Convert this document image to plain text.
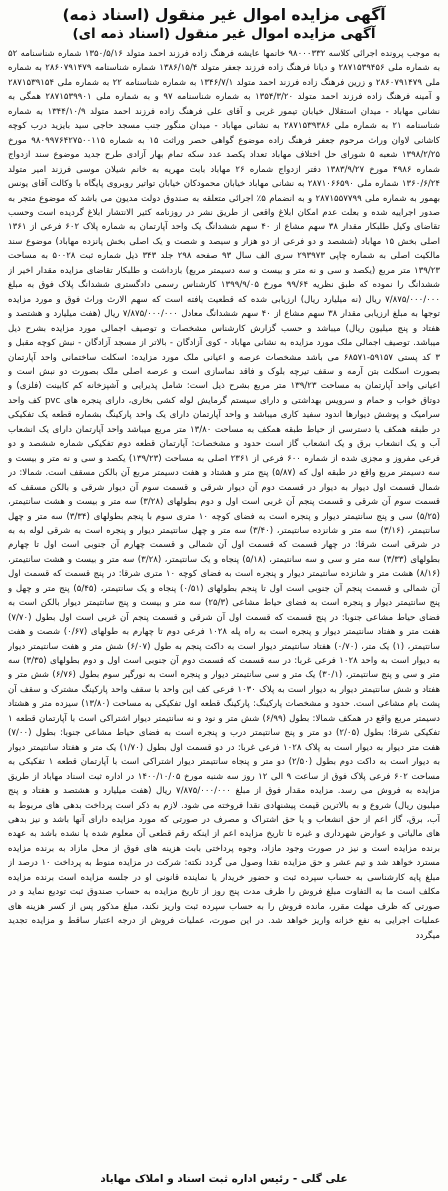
آگهی مزایده اموال غیر منقول (اسناد ذمه)
آگهی مزایده اموال غیر منقول (اسناد ذمه ای)

به موجب پرونده اجرائی کلاسه ۹۸۰۰۰۳۳۲ خانمها عایشه فرهنگ زاده فرزند احمد متولد ۱۳۵۰/۵/۱۶ شماره شناسنامه ۵۲ به شماره ملی ۲۸۷۱۵۳۹۴۵۶ و دیانا فرهنگ زاده فرزند جعفر متولد ۱۳۸۶/۱۵/۴ شماره شناسنامه ۲۸۶۰۷۹۱۴۷۹ به شماره ملی ۲۸۶۰۷۹۱۴۷۹ و زرین فرهنگ زاده فرزند احمد متولد ۱۳۴۶/۷/۱ به شماره شناسنامه ۲۲ به شماره ملی ۲۸۷۱۵۳۹۱۵۴ و آمینه فرهنگ زاده فرزند احمد متولد ۱۳۵۴/۳/۲۰ به شماره شناسنامه ۹۷ و به شماره ملی ۲۸۷۱۵۳۹۹۰۱ همگی به نشانی مهاباد - میدان استقلال خیابان تیمور غربی و آقای علی فرهنگ زاده فرزند احمد متولد ۱۳۴۴/۱۰/۹ به شماره شناسنامه ۲۱ به شماره ملی ۲۸۷۱۵۳۹۳۸۶ به نشانی مهاباد - میدان منگور جنب مسجد حاجی سید بایزید درب کوچه کاشانی لاوان وراث مرحوم جعفر فرهنگ زاده موضوع گواهی حصر وراثت ۱۵ به شماره ۹۸۰۹۹۷۶۴۲۷۵۰۰۱۱۵ مورخ ۱۳۹۸/۲/۲۵ شعبه ۵ شورای حل اختلاف مهاباد تعداد یکصد عدد سکه تمام بهار آزادی طرح جدید موضوع سند ازدواج شماره ۴۹۸۶ مورخ ۱۳۸۳/۹/۲۷ دفتر ازدواج شماره ۲۶ مهاباد بابت مهریه به خانم شیلان موسی فرزند امیر متولد ۱۳۶۰/۶/۲۴ شماره ملی ۲۸۷۱۰۶۶۵۹۰ به نشانی مهاباد خیابان محمودکان خیابان تواتیر روبروی پایگاه با وکالت آقای یونس بهمور به شماره ملی ۲۸۷۱۵۵۷۷۹۹ و به انضمام ۵٪ اجرائی متعلقه به صندوق دولت مدیون می باشد که موضوع متجر به صدور اجراییه شده و بعلت عدم امکان ابلاغ واقعی از طریق نشر در روزنامه کثیر الانتشار ابلاغ گردیده است وحسب تقاضای وکیل طلبکار مقدار ۳۸ سهم مشاع از ۴۰ سهم ششدانگ یک واحد آپارتمان به شماره پلاک ۶۰۲ فرعی از ۱۳۶۱ اصلی بخش ۱۵ مهاباد (ششصد و دو فرعی از دو هزار و سیصد و شصت و یک اصلی بخش پانزده مهاباد) موضوع سند مالکیت اصلی به شماره چاپی ۲۹۳۹۷۳ سری الف سال ۹۳ صفحه ۲۹۸ جلد ۳۴۳ ذیل شماره ثبت ۵۰۰۲۸ به مساحت ۱۳۹/۲۳ متر مربع (یکصد و سی و نه متر و بیست و سه دسیمتر مربع) بازداشت و طلبکار تقاضای مزایده مقدار اخیر از ششدانگ را نموده که طبق نظریه ۹۹/۶۴ مورخ ۱۳۹۹/۹/۰۵ کارشناس رسمی دادگستری ششدانگ پلاک فوق به مبلغ ۷/۸۷۵/۰۰۰/۰۰۰ ریال (نه میلیارد ریال) ارزیابی شده که قطعیت یافته است که سهم الارث وراث فوق و مورد مزایده توجها به مبلغ ارزیابی مقدار ۳۸ سهم مشاع از ۴۰ سهم ششدانگ معادل ۷/۸۷۵/۰۰۰/۰۰۰ ریال (هفت میلیارد و هشتصد و هفتاد و پنج میلیون ریال) میباشد و حسب گزارش کارشناس مشخصات و توصیف اجمالی مورد مزایده بشرح ذیل میباشد. توصیف اجمالی ملک مورد مزایده به نشانی مهاباد - کوی آزادگان - بالاتر از مسجد آزادگان - نبش کوچه مقبل و ۳ کد پستی ۵۹۱۵۷-۶۸۵۷۱ می باشد مشخصات عرصه و اعیانی ملک مورد مزایده: اسکلت ساختمانی واحد آپارتمان بصورت اسکلت بتن آرمه و سقف تیرچه بلوک و فاقد نماسازی است و عرصه اصلی ملک بصورت دو نبش است و اعیانی واحد آپارتمان به مساحت ۱۳۹/۲۳ متر مربع بشرح ذیل است: شامل پذیرایی و آشپزخانه کم کابینت (فلزی) و دوتاق خواب و حمام و سرویس بهداشتی و دارای سیستم گرمایش لوله کشی بخاری، دارای پنجره های pvc کف واحد سرامیک و پوشش دیوارها اندود سفید کاری میباشد و واحد آپارتمان دارای یک واحد پارکینگ بشماره قطعه یک تفکیکی در طبقه همکف یا دسترسی از حیاط طبقه همکف به مساحت ۱۳/۸۰ متر مربع میباشد واحد آپارتمان دارای یک انشعاب آب و یک انشعاب برق و یک انشعاب گاز است حدود و مشخصات: آپارتمان قطعه دوم تفکیکی شماره ششصد و دو فرعی مفروز و مجزی شده از شماره ۶۰۰ فرعی از ۲۳۶۱ اصلی به مساحت (۱۳۹/۲۳) یکصد و سی و نه متر و بیست و سه دسیمتر مربع واقع در طبقه اول که (۵/۸۷) پنج متر و هشتاد و هفت دسیمتر مربع آن بالکن مسقف است. شمالا: در شمال قسمت اول دیوار به دیوار در قسمت دوم آن دیوار شرقی و قسمت سوم آن دیوار شرقی و بالکن مسقف که قسمت سوم آن شرقی و قسمت پنجم آن غربی است اول و دوم بطولهای (۳/۲۸) سه متر و بیست و هشت سانتیمتر، (۵/۲۵) سی و پنج سانتیمتر دیوار و پنجره است به فضای کوچه ۱۰ متری سوم با پنجم بطولهای (۳/۳۴) سه متر و چهل سانتیمتر، (۳/۱۶) سه متر و شانزده سانتیمتر، (۳/۴۰) سه متر و چهل سانتیمتر دیوار و پنجره است به شرقی لوله به به در شرقی است شرقا: در چهار قسمت که قسمت اول آن شمالی و قسمت چهارم آن جنوبی است اول تا چهارم بطولهای (۳/۳۳) سه متر و سی و سه سانتیمتر، (۵/۱۸) پنجاه و یک سانتیمتر، (۳/۲۸) سه متر و بیست و هشت سانتیمتر، (۸/۱۶) هشت متر و شانزده سانتیمتر دیوار و پنجره است به فضای کوچه ۱۰ متری شرقا: در پنج قسمت که قسمت اول آن شمالی و قسمت پنجم آن جنوبی است اول تا پنجم بطولهای (۰/۵۱) پنجاه و یک سانتیمتر، (۵/۴۵) پنج متر و چهل و پنج سانتیمتر دیوار و پنجره است به فضای حیاط مشاعی (۲۵/۳) سه متر و بیست و پنج سانتیمتر دیوار بالکن است به فضای حیاط مشاعی جنوبا: در پنج قسمت که قسمت اول آن شرقی و قسمت پنجم آن غربی است اول بطول (۷/۷۰) هفت متر و هفتاد سانتیمتر دیوار و پنجره است به راه پله ۱۰۲۸ فرعی دوم تا چهارم به طولهای (۰/۶۷) شصت و هفت سانتیمتر، (۱) یک متر، (۰/۷۰) هفتاد سانتیمتر دیوار است به داکت پنجم به طول (۶/۰۷) شش متر و هفت سانتیمتر دیوار به دیوار است به واحد ۱۰۲۸ فرعی غربا: در سه قسمت که قسمت دوم آن جنوبی است اول و دوم بطولهای (۳/۳۵) سه متر و سی و پنج سانتیمتر، (۳۰/۱) یک متر و سی سانتیمتر دیوار و پنجره است به نورگیر سوم بطول (۶/۷۶) شش متر و هفتاد و شش سانتیمتر دیوار به دیوار است به پلاک ۱۰۳۰ فرعی کف این واحد با سقف واحد پارکینگ مشترک و سقف آن پشت بام مشاعی است. حدود و مشخصات پارکینگ: پارکینگ قطعه اول تفکیکی به مساحت (۱۳/۸۰) سیزده متر و هشتاد دسیمتر مربع واقع در همکف شمالا: بطول (۶/۹۹) شش متر و نود و نه سانتیمتر دیوار اشتراکی است با آپارتمان قطعه ۱ تفکیکی شرقا: بطول (۲/۰۵) دو متر و پنج سانتیمتر درب و پنجره است به فضای حیاط مشاعی جنوبا: بطول (۷/۰۰) هفت متر دیوار به دیوار است به پلاک ۱۰۲۸ فرعی غربا: در دو قسمت اول بطول (۱/۷۰) یک متر و هفتاد سانتیمتر دیوار به دیوار است به داکت دوم بطول (۲/۵۰) دو متر و پنجاه سانتیمتر دیوار اشتراکی است با آپارتمان قطعه ۱ تفکیکی به مساحت ۶۰۲ فرعی پلاک فوق از ساعت ۹ الی ۱۲ روز سه شنبه مورخ ۱۴۰۰/۱۰/۰۵ در اداره ثبت اسناد مهاباد از طریق مزایده به فروش می رسد. مزایده مقدار فوق از مبلغ ۷/۸۷۵/۰۰۰/۰۰۰ ریال (هفت میلیارد و هشتصد و هفتاد و پنج میلیون ریال) شروع و به بالاترین قیمت پیشنهادی نقدا فروخته می شود. لازم به ذکر است پرداخت بدهی های مربوط به آب، برق، گاز اعم از حق انشعاب و یا حق اشتراک و مصرف در صورتی که مورد مزایده دارای آنها باشد و نیز بدهی های مالیاتی و عوارض شهرداری و غیره تا تاریخ مزایده اعم از اینکه رقم قطعی آن معلوم شده یا نشده باشد به عهده برنده مزایده است و نیز در صورت وجود مازاد، وجوه پرداختی بابت هزینه های فوق از محل مازاد به برنده مزایده مسترد خواهد شد و تیم عشر و حق مزایده نقدا وصول می گردد نکته: شرکت در مزایده منوط به پرداخت ۱۰ درصد از مبلغ پایه کارشناسی به حساب سپرده ثبت و حضور خریدار یا نماینده قانونی او در جلسه مزایده است برنده مزایده مکلف است ما به التفاوت مبلغ فروش را ظرف مدت پنج روز از تاریخ مزایده به حساب صندوق ثبت تودیع نماید و در صورتی که ظرف مهلت مقرر، مانده فروش را به حساب سپرده ثبت واریز نکند، مبلغ مذکور پس از کسر هزینه های عملیات اجرایی به نفع خزانه واریز خواهد شد. در این صورت، عملیات فروش از درجه اعتبار ساقط و مزایده تجدید میگردد

علی گلی - رئیس اداره ثبت اسناد و املاک مهاباد
